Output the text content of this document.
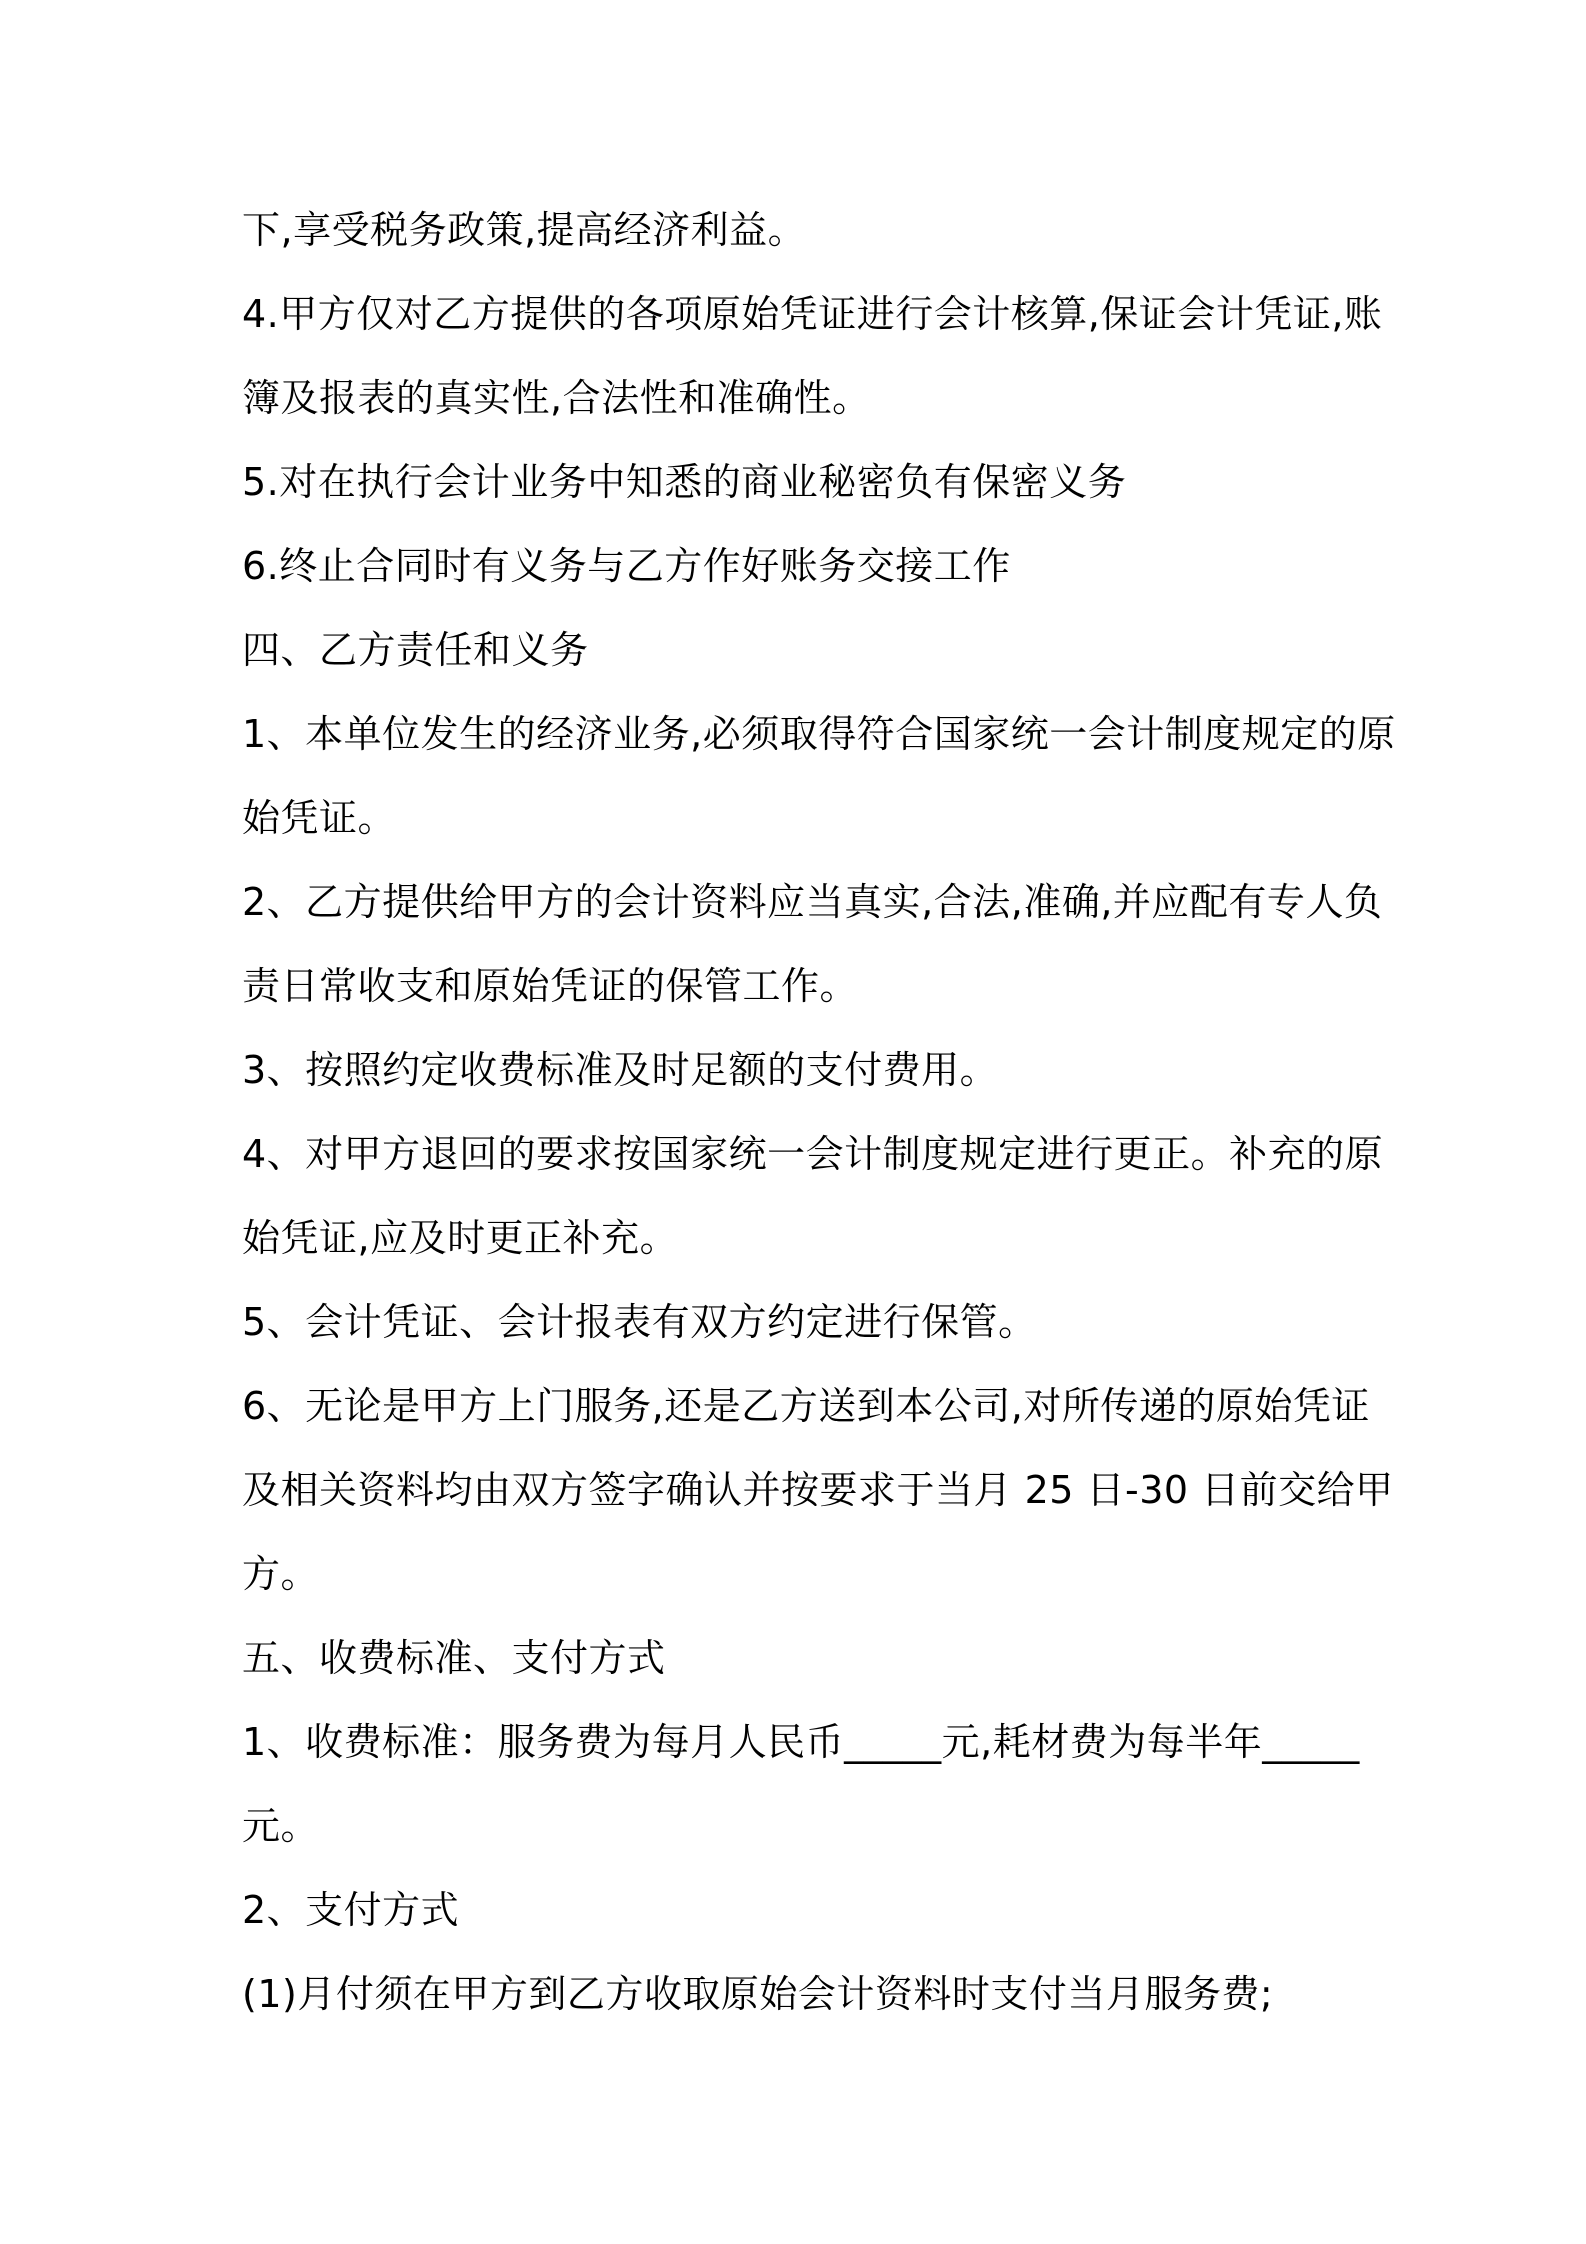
下,享受税务政策,提高经济利益。

4.甲方仅对乙方提供的各项原始凭证进行会计核算,保证会计凭证,账

簿及报表的真实性,合法性和准确性。

5.对在执行会计业务中知悉的商业秘密负有保密义务

6.终止合同时有义务与乙方作好账务交接工作

四、乙方责任和义务

1、本单位发生的经济业务,必须取得符合国家统一会计制度规定的原

始凭证。

2、乙方提供给甲方的会计资料应当真实,合法,准确,并应配有专人负

责日常收支和原始凭证的保管工作。

3、按照约定收费标准及时足额的支付费用。

4、对甲方退回的要求按国家统一会计制度规定进行更正。补充的原

始凭证,应及时更正补充。

5、会计凭证、会计报表有双方约定进行保管。

6、无论是甲方上门服务,还是乙方送到本公司,对所传递的原始凭证

及相关资料均由双方签字确认并按要求于当月 25 日-30 日前交给甲

方。

五、收费标准、支付方式

1、收费标准：服务费为每月人民币_____元,耗材费为每半年_____

元。

2、支付方式

(1)月付须在甲方到乙方收取原始会计资料时支付当月服务费;
